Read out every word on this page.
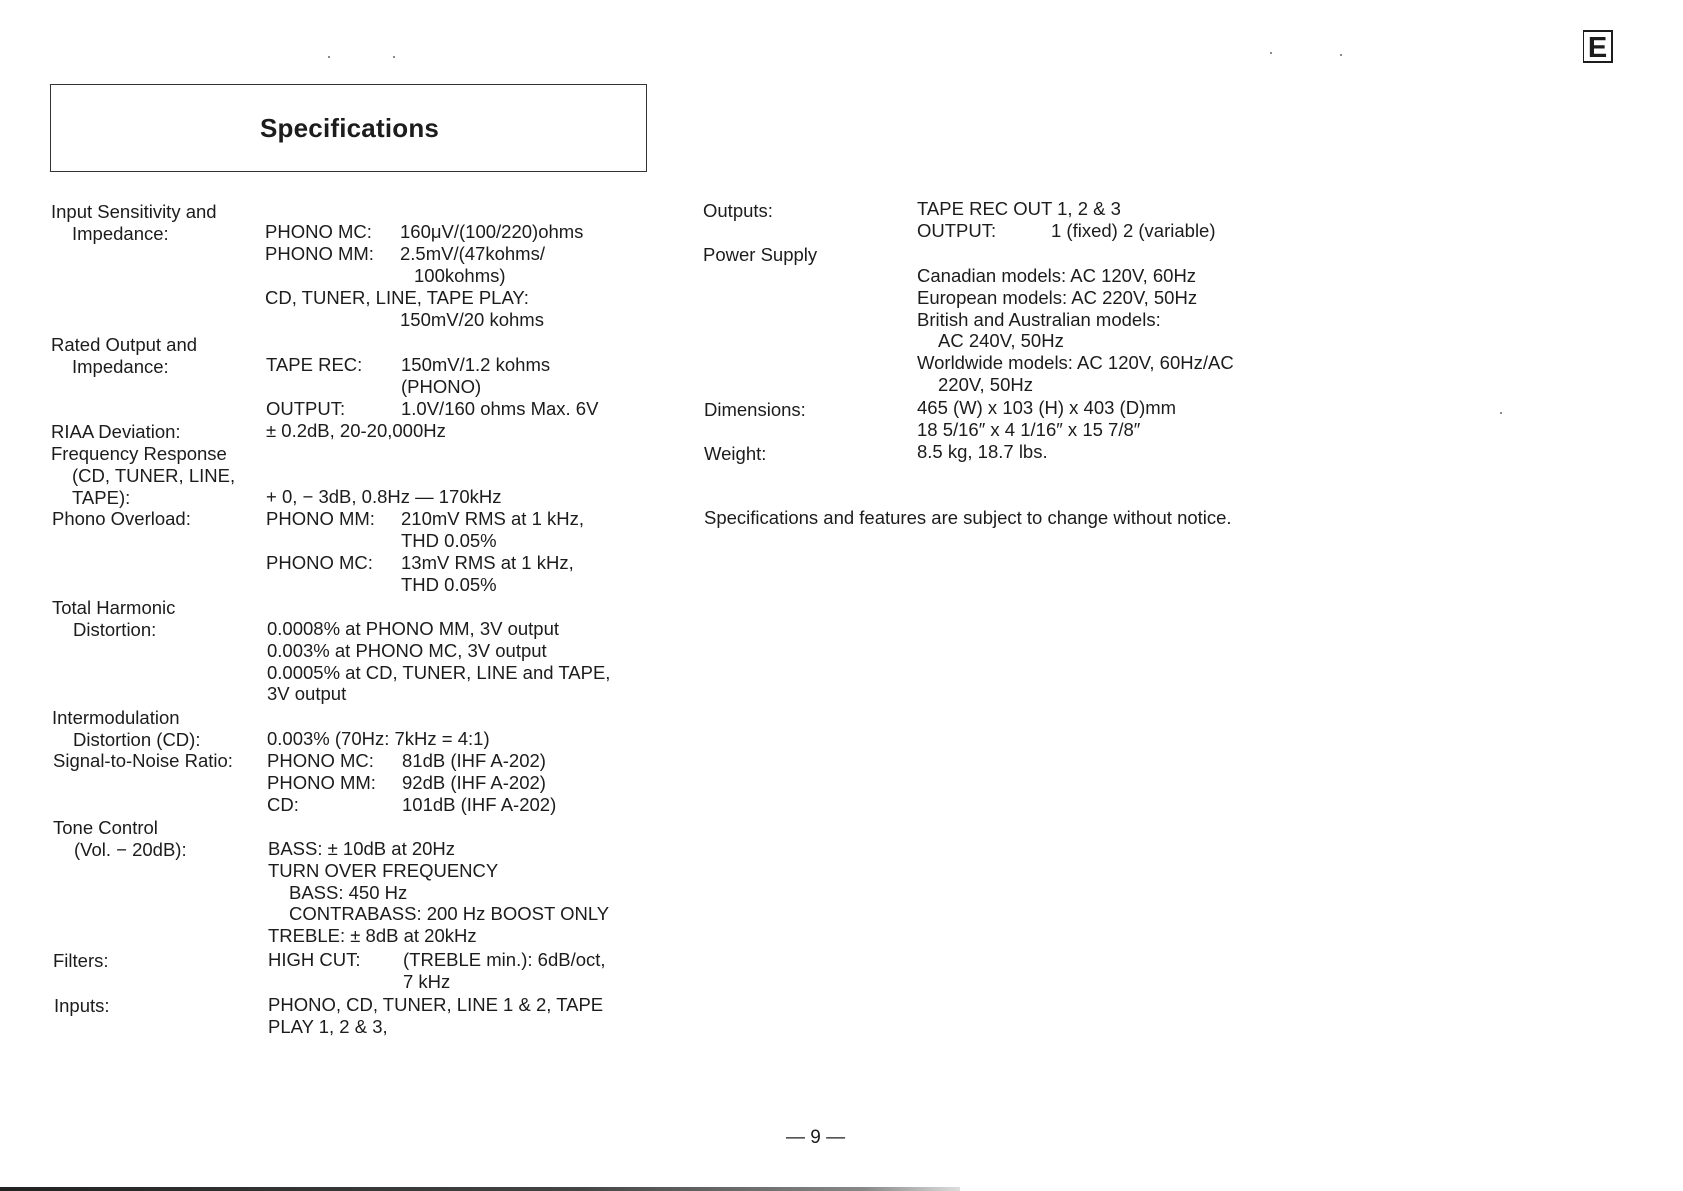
E
Specifications
Input Sensitivity and
Impedance:	PHONO MC: 160μV/(100/220)ohms
PHONO MM: 2.5mV/(47kohms/
100kohms)
CD, TUNER, LINE, TAPE PLAY:
150mV/20 kohms
Rated Output and
Impedance:	TAPE REC: 150mV/1.2 kohms
(PHONO)
OUTPUT:	1.0V/160 ohms Max. 6V
RIAA Deviation:	± 0.2dB, 20-20,000Hz
Frequency Response
(CD, TUNER, LINE,
TAPE):	+ 0, − 3dB, 0.8Hz — 170kHz
Phono Overload:	PHONO MM: 210mV RMS at 1 kHz,
THD 0.05%
PHONO MC: 13mV RMS at 1 kHz,
THD 0.05%
Total Harmonic
Distortion:	0.0008% at PHONO MM, 3V output
0.003% at PHONO MC, 3V output
0.0005% at CD, TUNER, LINE and TAPE,
3V output
Intermodulation
Distortion (CD):	0.003% (70Hz: 7kHz = 4:1)
Signal-to-Noise Ratio: PHONO MC: 81dB (IHF A-202)
PHONO MM: 92dB (IHF A-202)
CD:	101dB (IHF A-202)
Tone Control
(Vol. − 20dB):	BASS: ± 10dB at 20Hz
TURN OVER FREQUENCY
BASS: 450 Hz
CONTRABASS: 200 Hz BOOST ONLY
TREBLE: ± 8dB at 20kHz
Filters:	HIGH CUT: (TREBLE min.): 6dB/oct,
7 kHz
Inputs:	PHONO, CD, TUNER, LINE 1 & 2, TAPE
PLAY 1, 2 & 3,
Outputs:	TAPE REC OUT 1, 2 & 3
OUTPUT:	1 (fixed) 2 (variable)
Power Supply
Canadian models: AC 120V, 60Hz
European models: AC 220V, 50Hz
British and Australian models:
AC 240V, 50Hz
Worldwide models: AC 120V, 60Hz/AC
220V, 50Hz
Dimensions:	465 (W) x 103 (H) x 403 (D)mm
18 5/16″ x 4 1/16″ x 15 7/8″
Weight:	8.5 kg, 18.7 lbs.
Specifications and features are subject to change without notice.
— 9 —
